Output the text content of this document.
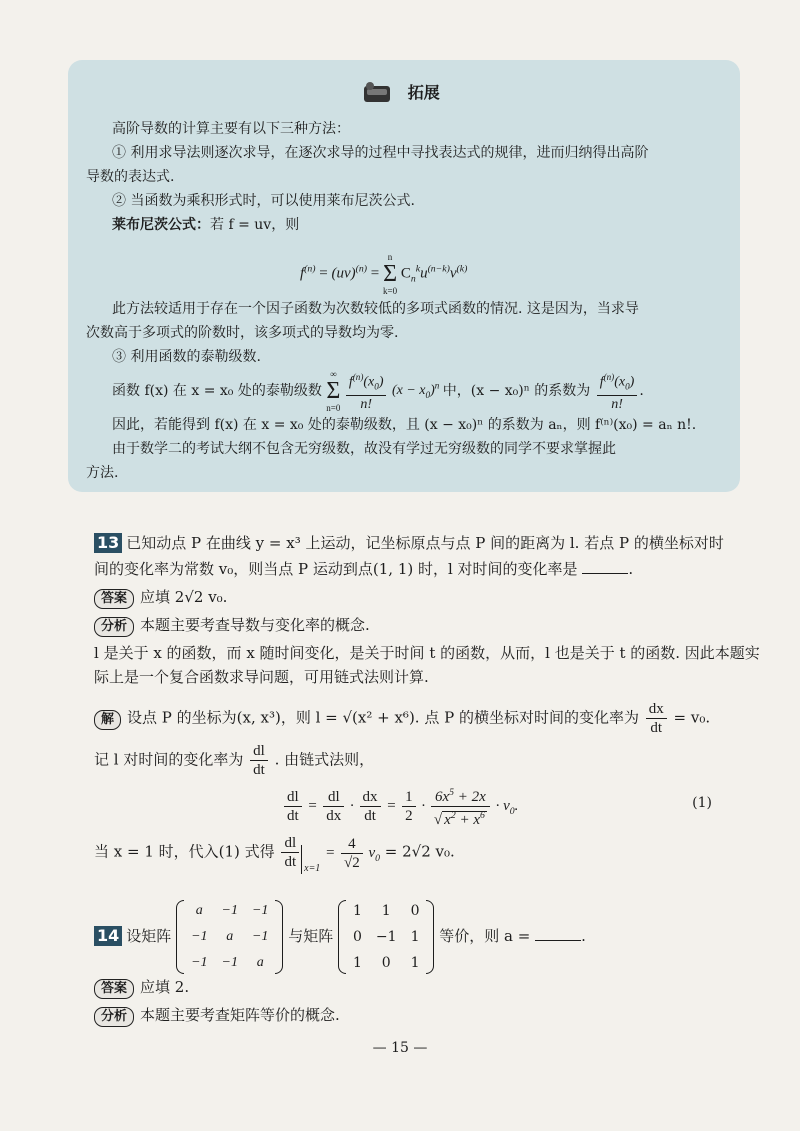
拓展
高阶导数的计算主要有以下三种方法：
① 利用求导法则逐次求导，在逐次求导的过程中寻找表达式的规律，进而归纳得出高阶
导数的表达式.
② 当函数为乘积形式时，可以使用莱布尼茨公式.
莱布尼茨公式：若 f = uv，则
$f^{(n)} = (uv)^{(n)}$ =
n
Σ
k=0
$C_n^ku^{(n-k)}v^{(k)}$
此方法较适用于存在一个因子函数为次数较低的多项式函数的情况. 这是因为，当求导
次数高于多项式的阶数时，该多项式的导数均为零.
③ 利用函数的泰勒级数.
函数 f(x) 在 x = x₀ 处的泰勒级数
∞
Σ
n=0
$\frac{f^{(n)}(x_0)}{n!} (x - x_0)^n$ 中，(x − x₀)ⁿ 的系数为 $\frac{f^{(n)}(x_0)}{n!}$ .
因此，若能得到 f(x) 在 x = x₀ 处的泰勒级数，且 (x − x₀)ⁿ 的系数为 aₙ，则 f⁽ⁿ⁾(x₀) = aₙ n!.
由于数学二的考试大纲不包含无穷级数，故没有学过无穷级数的同学不要求掌握此
方法.
13 已知动点 P 在曲线 y = x³ 上运动，记坐标原点与点 P 间的距离为 l. 若点 P 的横坐标对时
间的变化率为常数 v₀，则当点 P 运动到点(1, 1) 时，l 对时间的变化率是	.
答案 应填 2√2 v₀.
分析 本题主要考查导数与变化率的概念.
l 是关于 x 的函数，而 x 随时间变化，是关于时间 t 的函数，从而，l 也是关于 t 的函数. 因此本题实
际上是一个复合函数求导问题，可用链式法则计算.
解 设点 P 的坐标为(x, x³)，则 l = √(x² + x⁶). 点 P 的横坐标对时间的变化率为 $\frac{dx}{dt} = v_0$.
记 l 对时间的变化率为 $\frac{dl}{dt}$ . 由链式法则，
$\frac{dl}{dt} = \frac{dl}{dx} \cdot \frac{dx}{dt} = \frac{1}{2} \cdot \frac{6x^5 + 2x}{√ x^2 + x^6} \cdot v_0$.	(1)
当 x = 1 时，代入(1) 式得 $\frac{dl}{dt} _{x=1} = \frac{4}{√2} v_0 = 2√2$ v₀.
14 设矩阵
a	−1	−1
−1	a	−1
−1	−1	a
与矩阵
1	1	0
0	−1	1
1	0	1
等价，则 a =	.
答案 应填 2.
分析 本题主要考查矩阵等价的概念.
— 15 —
